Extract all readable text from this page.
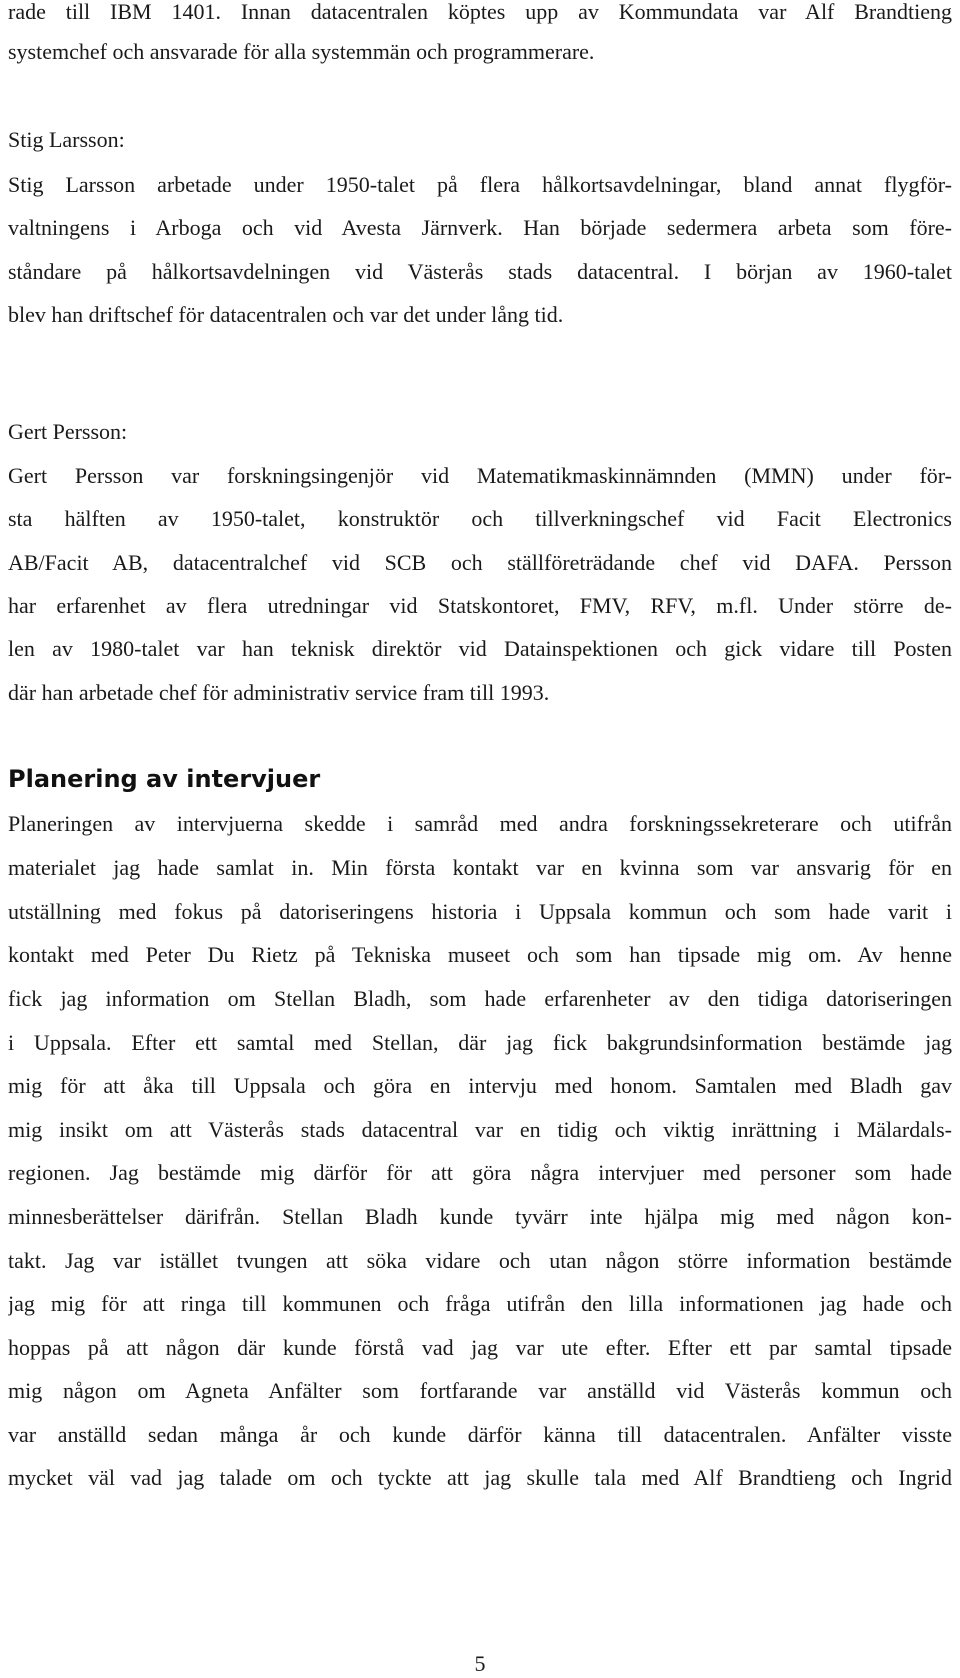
rade till IBM 1401. Innan datacentralen köptes upp av Kommundata var Alf Brandtieng
systemchef och ansvarade för alla systemmän och programmerare.
Stig Larsson:
Stig Larsson arbetade under 1950-talet på flera hålkortsavdelningar, bland annat flygför-
valtningens i Arboga och vid Avesta Järnverk. Han började sedermera arbeta som före-
ståndare på hålkortsavdelningen vid Västerås stads datacentral. I början av 1960-talet
blev han driftschef för datacentralen och var det under lång tid.
Gert Persson:
Gert Persson var forskningsingenjör vid Matematikmaskinnämnden (MMN) under för-
sta hälften av 1950-talet, konstruktör och tillverkningschef vid Facit Electronics
AB/Facit AB, datacentralchef vid SCB och ställföreträdande chef vid DAFA. Persson
har erfarenhet av flera utredningar vid Statskontoret, FMV, RFV, m.fl. Under större de-
len av 1980-talet var han teknisk direktör vid Datainspektionen och gick vidare till Posten
där han arbetade chef för administrativ service fram till 1993.
Planering av intervjuer
Planeringen av intervjuerna skedde i samråd med andra forskningssekreterare och utifrån
materialet jag hade samlat in. Min första kontakt var en kvinna som var ansvarig för en
utställning med fokus på datoriseringens historia i Uppsala kommun och som hade varit i
kontakt med Peter Du Rietz på Tekniska museet och som han tipsade mig om. Av henne
fick jag information om Stellan Bladh, som hade erfarenheter av den tidiga datoriseringen
i Uppsala. Efter ett samtal med Stellan, där jag fick bakgrundsinformation bestämde jag
mig för att åka till Uppsala och göra en intervju med honom. Samtalen med Bladh gav
mig insikt om att Västerås stads datacentral var en tidig och viktig inrättning i Mälardals-
regionen. Jag bestämde mig därför för att göra några intervjuer med personer som hade
minnesberättelser därifrån. Stellan Bladh kunde tyvärr inte hjälpa mig med någon kon-
takt. Jag var istället tvungen att söka vidare och utan någon större information bestämde
jag mig för att ringa till kommunen och fråga utifrån den lilla informationen jag hade och
hoppas på att någon där kunde förstå vad jag var ute efter. Efter ett par samtal tipsade
mig någon om Agneta Anfälter som fortfarande var anställd vid Västerås kommun och
var anställd sedan många år och kunde därför känna till datacentralen. Anfälter visste
mycket väl vad jag talade om och tyckte att jag skulle tala med Alf Brandtieng och Ingrid
5
